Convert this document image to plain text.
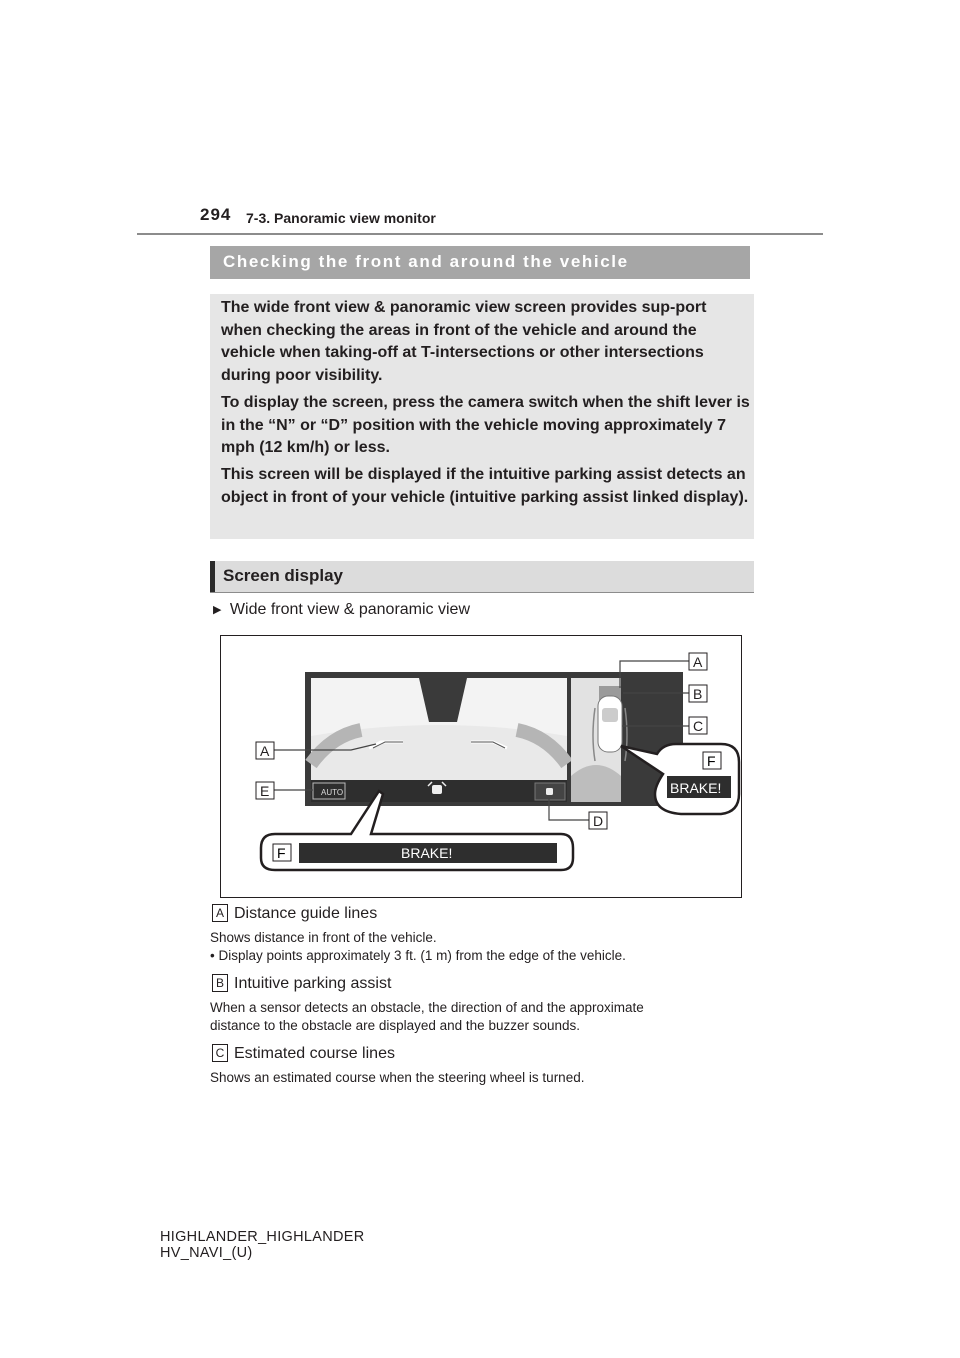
294 7-3. Panoramic view monitor
Checking the front and around the vehicle

The wide front view & panoramic view screen provides sup-port when checking the areas in front of the vehicle and around the vehicle when taking-off at T-intersections or other intersections during poor visibility.

To display the screen, press the camera switch when the shift lever is in the “N” or “D” position with the vehicle moving approximately 7 mph (12 km/h) or less.

This screen will be displayed if the intuitive parking assist detects an object in front of your vehicle (intuitive parking assist linked display).

Screen display
▶ Wide front view & panoramic view
AUTO
A
B
C
A
E
D
F
BRAKE!
F	BRAKE!
A Distance guide lines
Shows distance in front of the vehicle.
• Display points approximately 3 ft. (1 m) from the edge of the vehicle.
B Intuitive parking assist
When a sensor detects an obstacle, the direction of and the approximate
distance to the obstacle are displayed and the buzzer sounds.
C Estimated course lines
Shows an estimated course when the steering wheel is turned.
HIGHLANDER_HIGHLANDER
HV_NAVI_(U)
